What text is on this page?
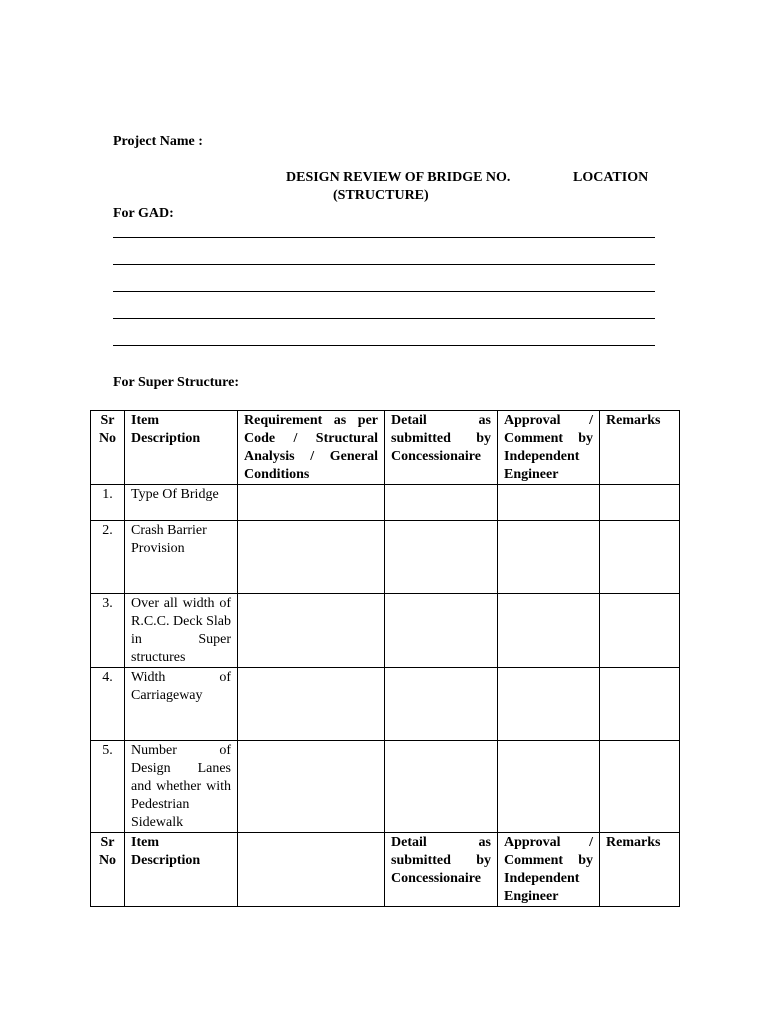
Project Name :
DESIGN REVIEW OF BRIDGE NO.	LOCATION
(STRUCTURE)
For GAD:
For Super Structure:
Sr No	Item Description	Requirement as per Code / Structural Analysis / General Conditions	Detail as submitted by Concessionaire	Approval / Comment by Independent Engineer	Remarks
1.	Type Of Bridge				
2.	Crash Barrier Provision				
3.	Over all width of R.C.C. Deck Slab in Super structures				
4.	Width of Carriageway				
5.	Number of Design Lanes and whether with Pedestrian Sidewalk				
Sr No	Item Description		Detail as submitted by Concessionaire	Approval / Comment by Independent Engineer	Remarks
